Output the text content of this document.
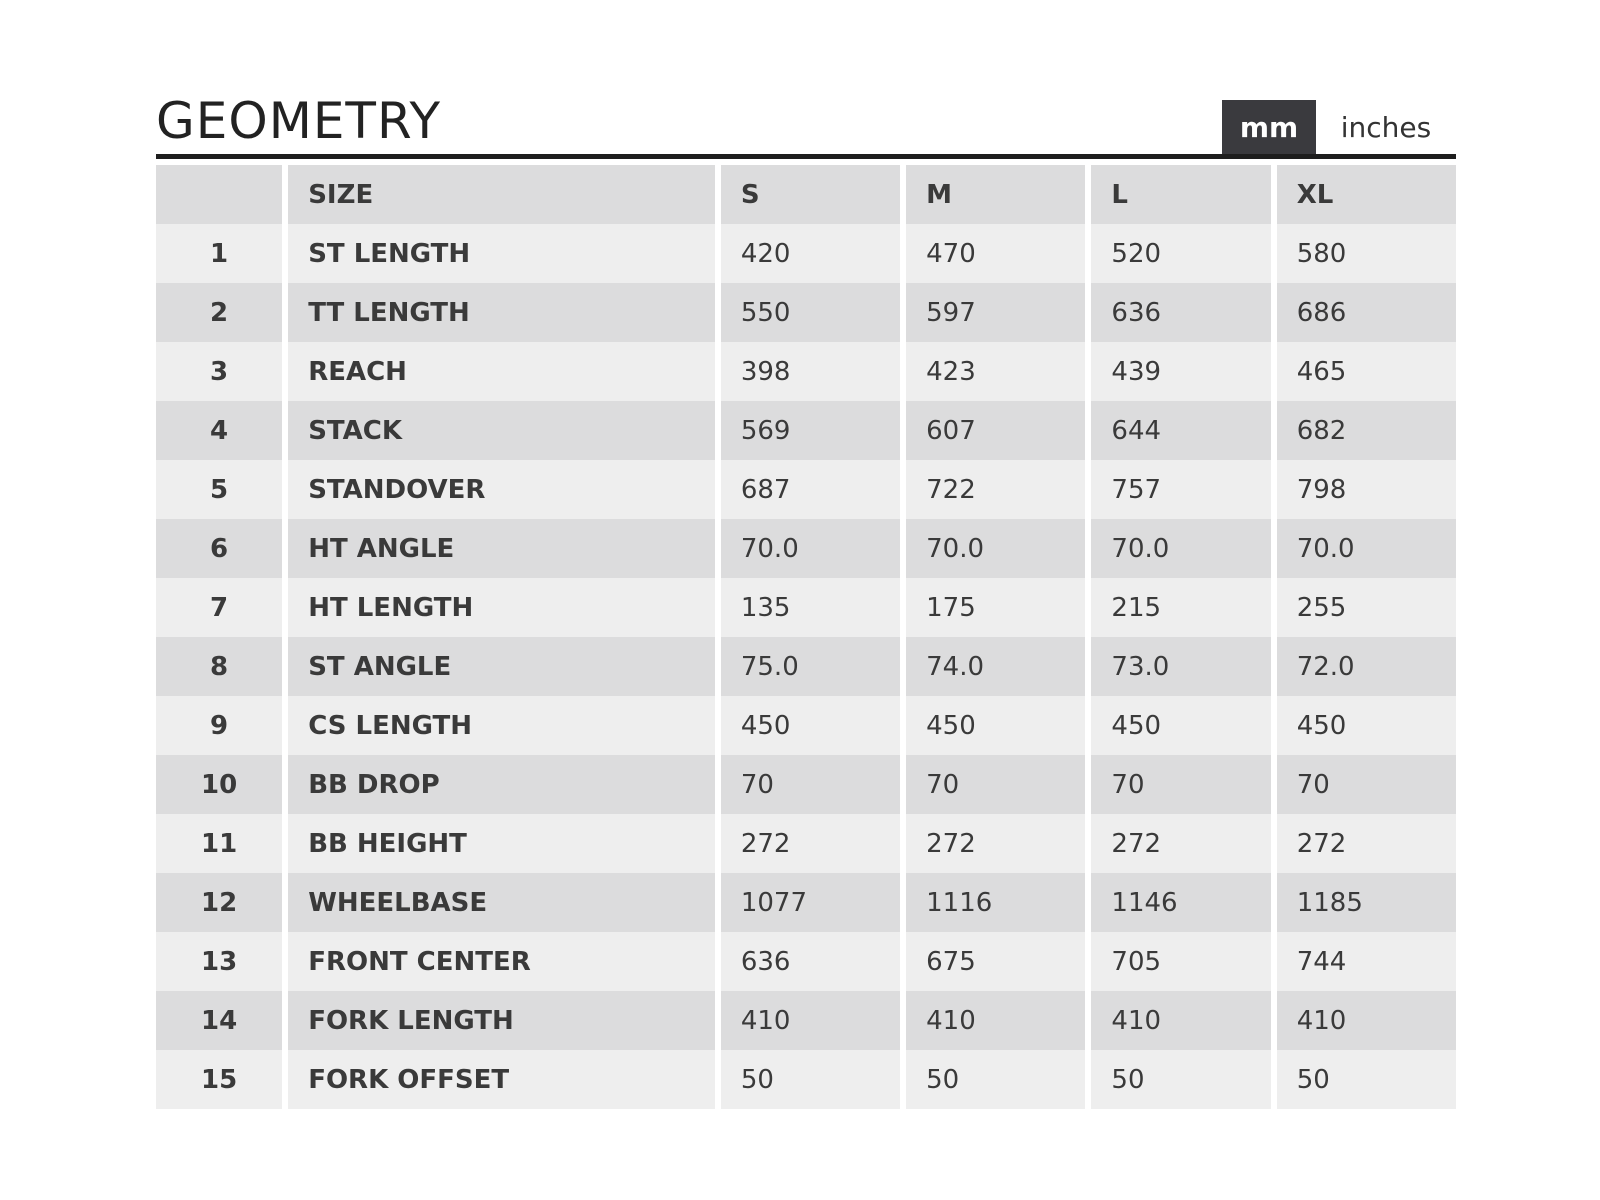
GEOMETRY	mm	inches
	SIZE	S	M	L	XL
1	ST LENGTH	420	470	520	580
2	TT LENGTH	550	597	636	686
3	REACH	398	423	439	465
4	STACK	569	607	644	682
5	STANDOVER	687	722	757	798
6	HT ANGLE	70.0	70.0	70.0	70.0
7	HT LENGTH	135	175	215	255
8	ST ANGLE	75.0	74.0	73.0	72.0
9	CS LENGTH	450	450	450	450
10	BB DROP	70	70	70	70
11	BB HEIGHT	272	272	272	272
12	WHEELBASE	1077	1116	1146	1185
13	FRONT CENTER	636	675	705	744
14	FORK LENGTH	410	410	410	410
15	FORK OFFSET	50	50	50	50
